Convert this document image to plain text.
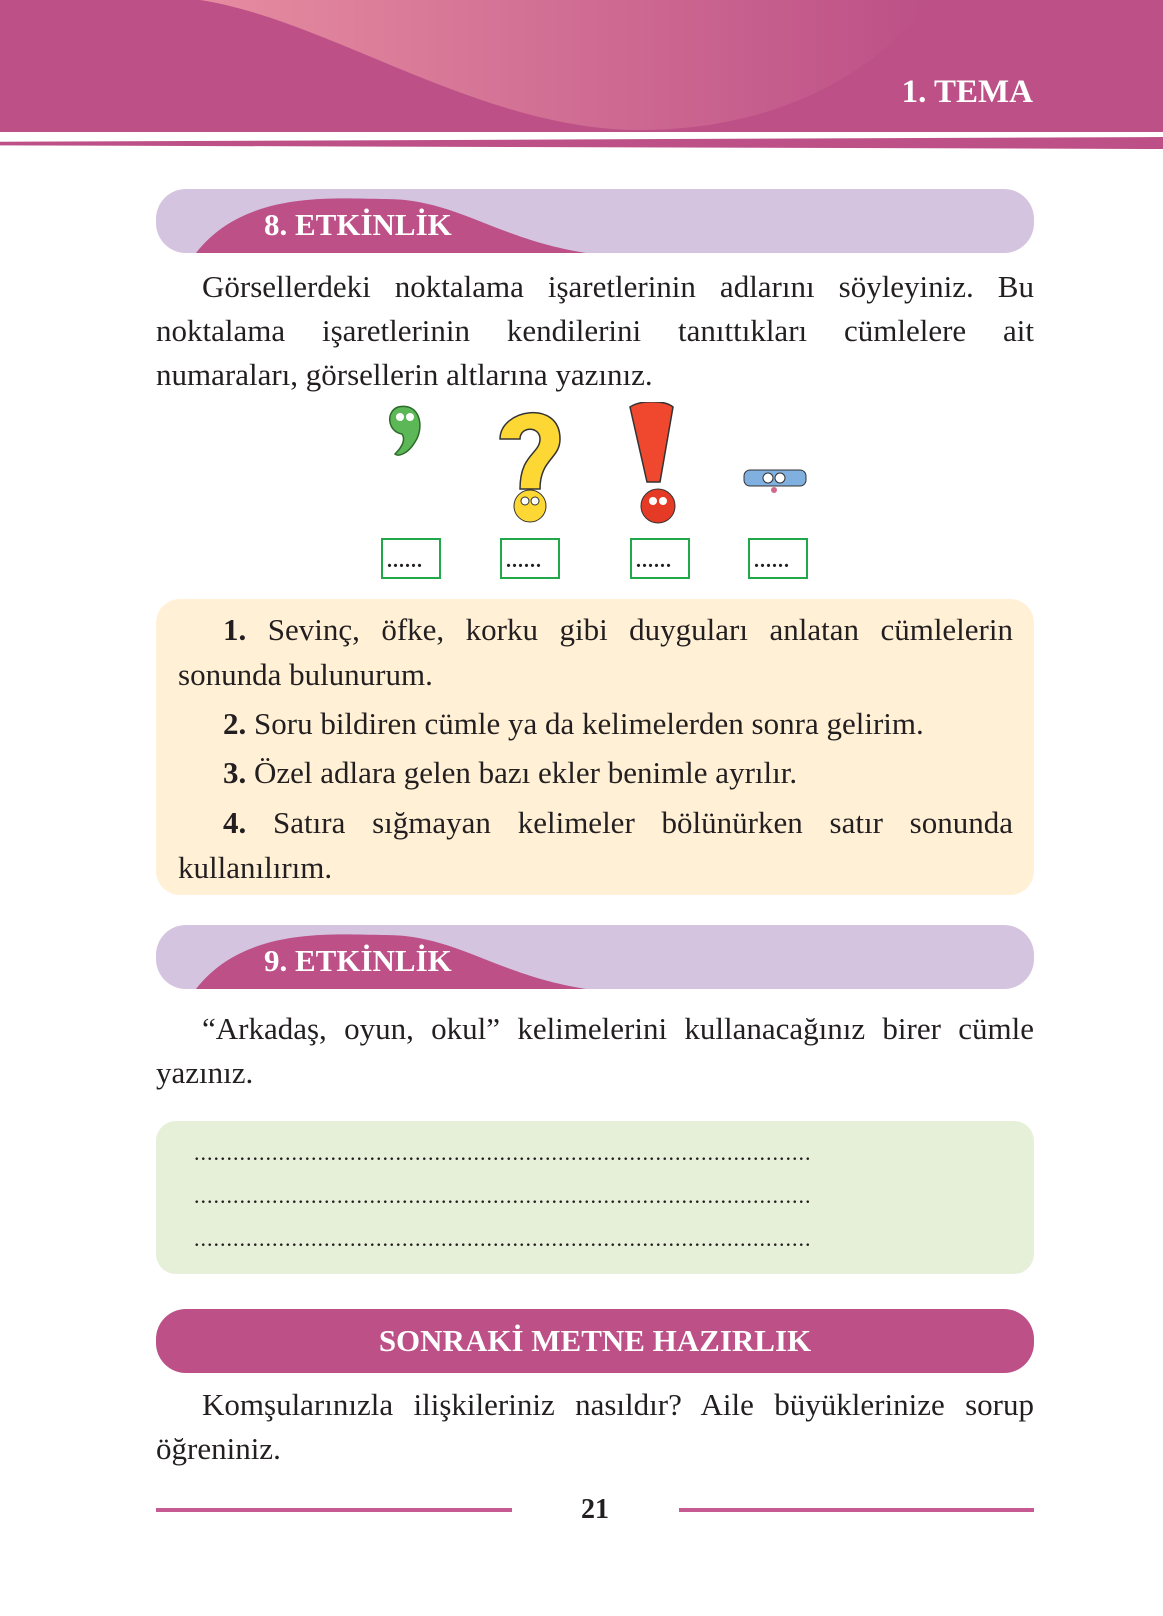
1. TEMA
8. ETKİNLİK
Görsellerdeki noktalama işaretlerinin adlarını söyleyiniz. Bu noktalama işaretlerinin kendilerini tanıttıkları cümlelere ait numaraları, görsellerin altlarına yazınız.
......	......	......	......
1. Sevinç, öfke, korku gibi duyguları anlatan cümlelerin sonunda bulunurum.
2. Soru bildiren cümle ya da kelimelerden sonra gelirim.
3. Özel adlara gelen bazı ekler benimle ayrılır.
4. Satıra sığmayan kelimeler bölünürken satır sonunda kullanılırım.
9. ETKİNLİK
“Arkadaş, oyun, okul” kelimelerini kullanacağınız birer cümle yazınız.
...............................................................................................
...............................................................................................
...............................................................................................
SONRAKİ METNE HAZIRLIK
Komşularınızla ilişkileriniz nasıldır? Aile büyüklerinize sorup öğreniniz.
21
